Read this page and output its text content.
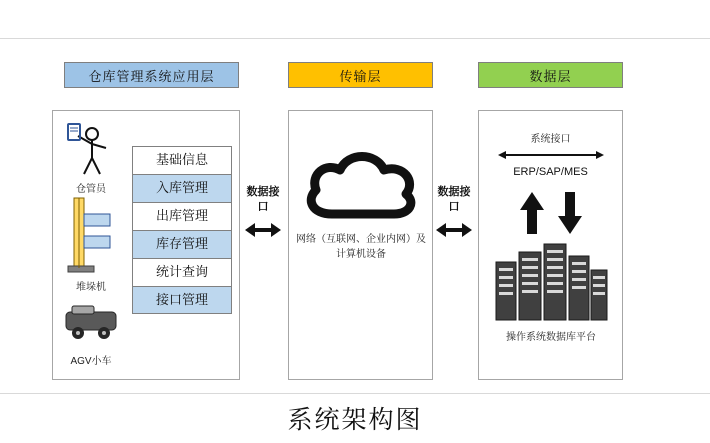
仓库管理系统应用层	传输层	数据层
仓管员
堆垛机
AGV小车
基础信息
入库管理
出库管理
库存管理
统计查询
接口管理
数据接口
网络（互联网、企业内网）及计算机设备
数据接口
系统接口
ERP/SAP/MES
操作系统数据库平台
系统架构图
